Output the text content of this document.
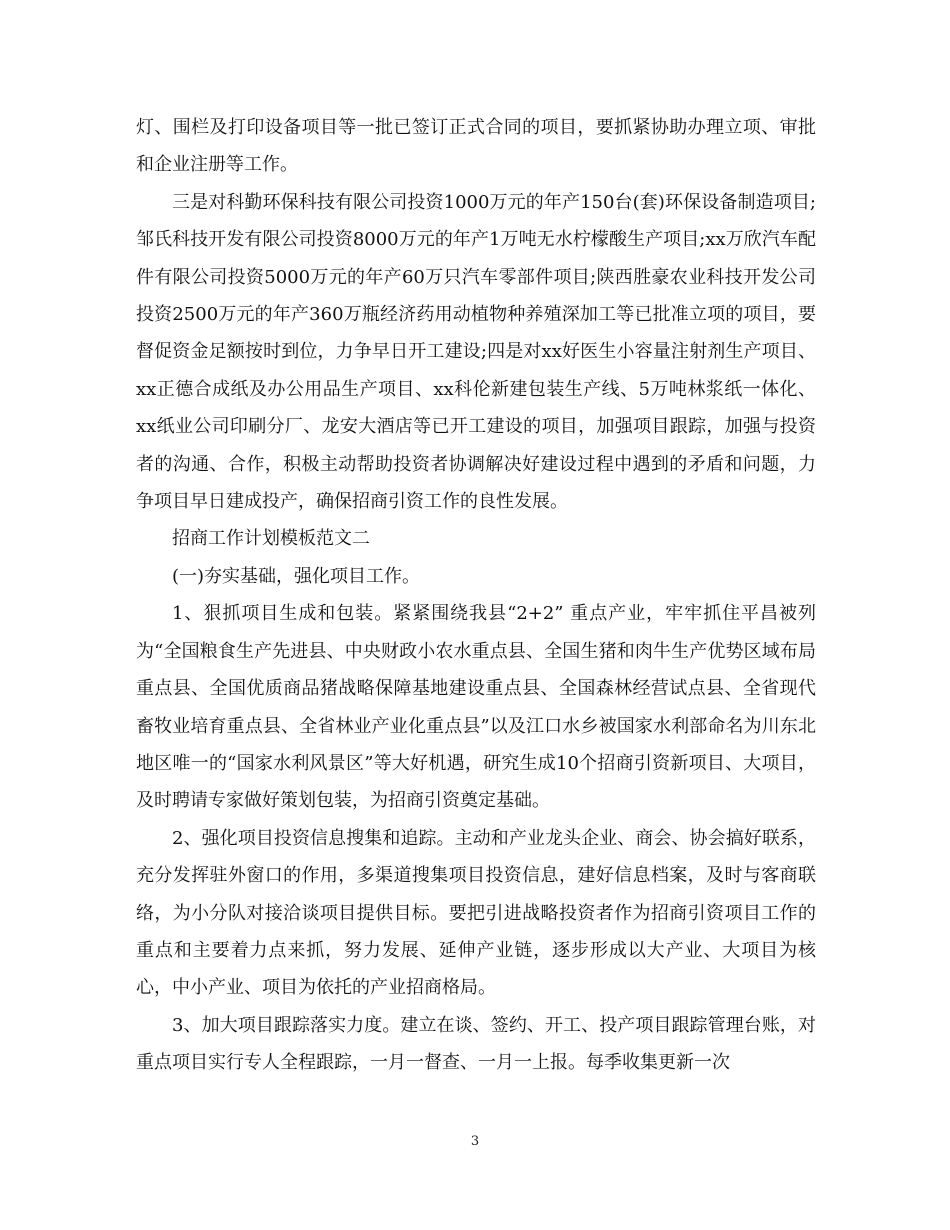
灯、围栏及打印设备项目等一批已签订正式合同的项目，要抓紧协助办理立项、审批和企业注册等工作。

三是对科勤环保科技有限公司投资1000万元的年产150台(套)环保设备制造项目;邹氏科技开发有限公司投资8000万元的年产1万吨无水柠檬酸生产项目;xx万欣汽车配件有限公司投资5000万元的年产60万只汽车零部件项目;陕西胜豪农业科技开发公司投资2500万元的年产360万瓶经济药用动植物种养殖深加工等已批准立项的项目，要督促资金足额按时到位，力争早日开工建设;四是对xx好医生小容量注射剂生产项目、xx正德合成纸及办公用品生产项目、xx科伦新建包装生产线、5万吨林浆纸一体化、xx纸业公司印刷分厂、龙安大酒店等已开工建设的项目，加强项目跟踪，加强与投资者的沟通、合作，积极主动帮助投资者协调解决好建设过程中遇到的矛盾和问题，力争项目早日建成投产，确保招商引资工作的良性发展。

招商工作计划模板范文二

(一)夯实基础，强化项目工作。

1、狠抓项目生成和包装。紧紧围绕我县“2+2” 重点产业，牢牢抓住平昌被列为“全国粮食生产先进县、中央财政小农水重点县、全国生猪和肉牛生产优势区域布局重点县、全国优质商品猪战略保障基地建设重点县、全国森林经营试点县、全省现代畜牧业培育重点县、全省林业产业化重点县”以及江口水乡被国家水利部命名为川东北地区唯一的“国家水利风景区”等大好机遇，研究生成10个招商引资新项目、大项目，及时聘请专家做好策划包装，为招商引资奠定基础。

2、强化项目投资信息搜集和追踪。主动和产业龙头企业、商会、协会搞好联系，充分发挥驻外窗口的作用，多渠道搜集项目投资信息，建好信息档案，及时与客商联络，为小分队对接洽谈项目提供目标。要把引进战略投资者作为招商引资项目工作的重点和主要着力点来抓，努力发展、延伸产业链，逐步形成以大产业、大项目为核心，中小产业、项目为依托的产业招商格局。

3、加大项目跟踪落实力度。建立在谈、签约、开工、投产项目跟踪管理台账，对重点项目实行专人全程跟踪，一月一督查、一月一上报。每季收集更新一次

3
